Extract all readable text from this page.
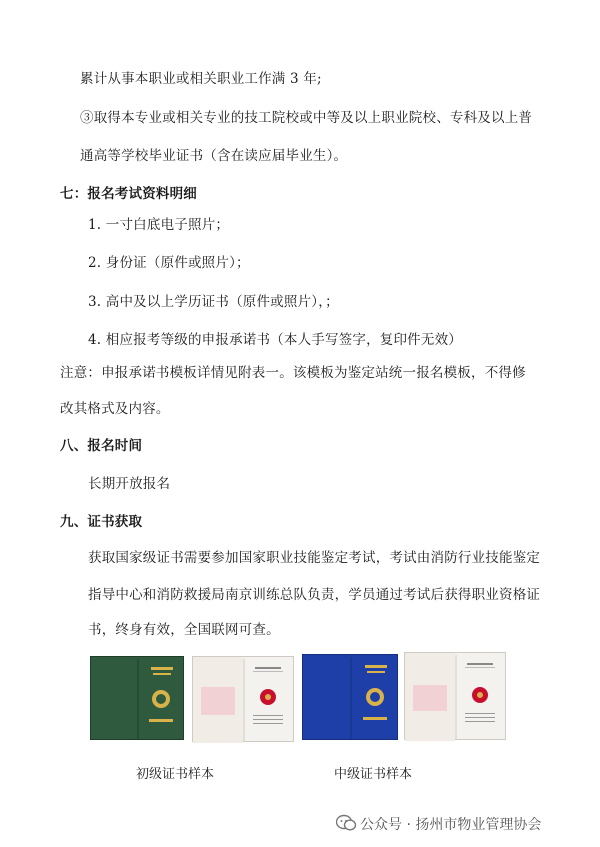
累计从事本职业或相关职业工作满 3 年;
③取得本专业或相关专业的技工院校或中等及以上职业院校、专科及以上普
通高等学校毕业证书（含在读应届毕业生）。
七：报名考试资料明细
1. 一寸白底电子照片；
2. 身份证（原件或照片）；
3. 高中及以上学历证书（原件或照片），；
4. 相应报考等级的申报承诺书（本人手写签字，复印件无效）
注意：申报承诺书模板详情见附表一。该模板为鉴定站统一报名模板，不得修
改其格式及内容。
八、报名时间
长期开放报名
九、证书获取
获取国家级证书需要参加国家职业技能鉴定考试，考试由消防行业技能鉴定
指导中心和消防救援局南京训练总队负责，学员通过考试后获得职业资格证
书，终身有效，全国联网可查。
初级证书样本	中级证书样本
公众号 · 扬州市物业管理协会
